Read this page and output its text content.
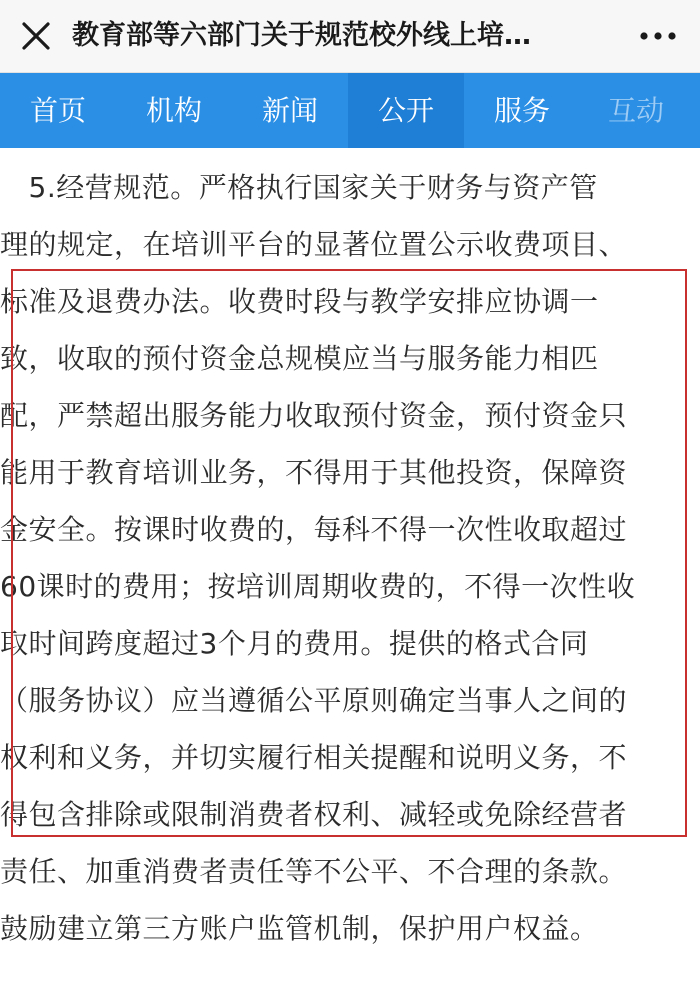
教育部等六部门关于规范校外线上培…
首页	机构	新闻	公开	服务	互动
　5.经营规范。严格执行国家关于财务与资产管
理的规定，在培训平台的显著位置公示收费项目、
标准及退费办法。收费时段与教学安排应协调一
致，收取的预付资金总规模应当与服务能力相匹
配，严禁超出服务能力收取预付资金，预付资金只
能用于教育培训业务，不得用于其他投资，保障资
金安全。按课时收费的，每科不得一次性收取超过
60课时的费用；按培训周期收费的，不得一次性收
取时间跨度超过3个月的费用。提供的格式合同
（服务协议）应当遵循公平原则确定当事人之间的
权利和义务，并切实履行相关提醒和说明义务，不
得包含排除或限制消费者权利、减轻或免除经营者
责任、加重消费者责任等不公平、不合理的条款。
鼓励建立第三方账户监管机制，保护用户权益。
